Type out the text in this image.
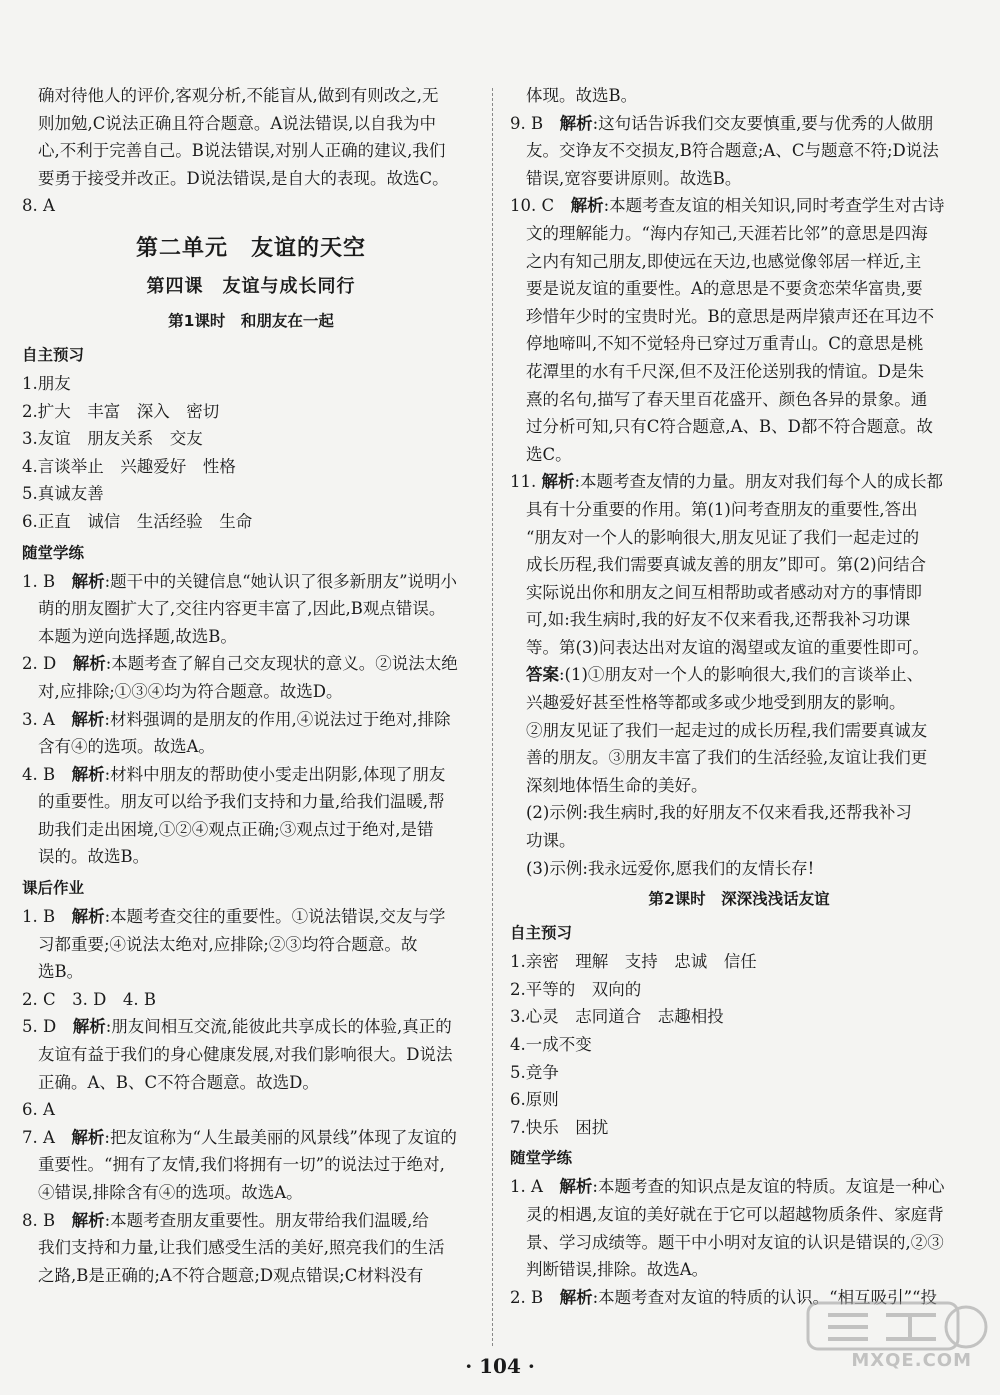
确对待他人的评价,客观分析,不能盲从,做到有则改之,无
则加勉,C说法正确且符合题意。A说法错误,以自我为中
心,不利于完善自己。B说法错误,对别人正确的建议,我们
要勇于接受并改正。D说法错误,是自大的表现。故选C。
8. A
第二单元　友谊的天空
第四课　友谊与成长同行
第1课时　和朋友在一起
自主预习
1.朋友
2.扩大　丰富　深入　密切
3.友谊　朋友关系　交友
4.言谈举止　兴趣爱好　性格
5.真诚友善
6.正直　诚信　生活经验　生命
随堂学练
1. B　解析:题干中的关键信息“她认识了很多新朋友”说明小
萌的朋友圈扩大了,交往内容更丰富了,因此,B观点错误。
本题为逆向选择题,故选B。
2. D　解析:本题考查了解自己交友现状的意义。②说法太绝
对,应排除;①③④均为符合题意。故选D。
3. A　解析:材料强调的是朋友的作用,④说法过于绝对,排除
含有④的选项。故选A。
4. B　解析:材料中朋友的帮助使小雯走出阴影,体现了朋友
的重要性。朋友可以给予我们支持和力量,给我们温暖,帮
助我们走出困境,①②④观点正确;③观点过于绝对,是错
误的。故选B。
课后作业
1. B　解析:本题考查交往的重要性。①说法错误,交友与学
习都重要;④说法太绝对,应排除;②③均符合题意。故
选B。
2. C　3. D　4. B
5. D　解析:朋友间相互交流,能彼此共享成长的体验,真正的
友谊有益于我们的身心健康发展,对我们影响很大。D说法
正确。A、B、C不符合题意。故选D。
6. A
7. A　解析:把友谊称为“人生最美丽的风景线”体现了友谊的
重要性。“拥有了友情,我们将拥有一切”的说法过于绝对,
④错误,排除含有④的选项。故选A。
8. B　解析:本题考查朋友重要性。朋友带给我们温暖,给
我们支持和力量,让我们感受生活的美好,照亮我们的生活
之路,B是正确的;A不符合题意;D观点错误;C材料没有
体现。故选B。
9. B　解析:这句话告诉我们交友要慎重,要与优秀的人做朋
友。交诤友不交损友,B符合题意;A、C与题意不符;D说法
错误,宽容要讲原则。故选B。
10. C　解析:本题考查友谊的相关知识,同时考查学生对古诗
文的理解能力。“海内存知己,天涯若比邻”的意思是四海
之内有知己朋友,即使远在天边,也感觉像邻居一样近,主
要是说友谊的重要性。A的意思是不要贪恋荣华富贵,要
珍惜年少时的宝贵时光。B的意思是两岸猿声还在耳边不
停地啼叫,不知不觉轻舟已穿过万重青山。C的意思是桃
花潭里的水有千尺深,但不及汪伦送别我的情谊。D是朱
熹的名句,描写了春天里百花盛开、颜色各异的景象。通
过分析可知,只有C符合题意,A、B、D都不符合题意。故
选C。
11. 解析:本题考查友情的力量。朋友对我们每个人的成长都
具有十分重要的作用。第(1)问考查朋友的重要性,答出
“朋友对一个人的影响很大,朋友见证了我们一起走过的
成长历程,我们需要真诚友善的朋友”即可。第(2)问结合
实际说出你和朋友之间互相帮助或者感动对方的事情即
可,如:我生病时,我的好友不仅来看我,还帮我补习功课
等。第(3)问表达出对友谊的渴望或友谊的重要性即可。
答案:(1)①朋友对一个人的影响很大,我们的言谈举止、
兴趣爱好甚至性格等都或多或少地受到朋友的影响。
②朋友见证了我们一起走过的成长历程,我们需要真诚友
善的朋友。③朋友丰富了我们的生活经验,友谊让我们更
深刻地体悟生命的美好。
(2)示例:我生病时,我的好朋友不仅来看我,还帮我补习
功课。
(3)示例:我永远爱你,愿我们的友情长存!
第2课时　深深浅浅话友谊
自主预习
1.亲密　理解　支持　忠诚　信任
2.平等的　双向的
3.心灵　志同道合　志趣相投
4.一成不变
5.竞争
6.原则
7.快乐　困扰
随堂学练
1. A　解析:本题考查的知识点是友谊的特质。友谊是一种心
灵的相遇,友谊的美好就在于它可以超越物质条件、家庭背
景、学习成绩等。题干中小明对友谊的认识是错误的,②③
判断错误,排除。故选A。
2. B　解析:本题考查对友谊的特质的认识。“相互吸引”“投
· 104 ·	MXQE.COM
